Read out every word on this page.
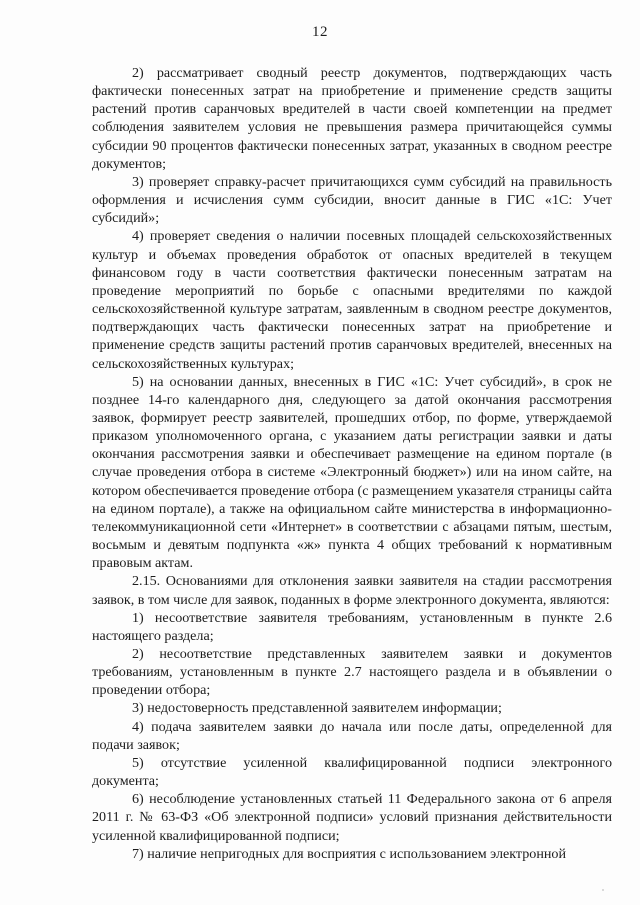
12

2) рассматривает сводный реестр документов, подтверждающих часть фактически понесенных затрат на приобретение и применение средств защиты растений против саранчовых вредителей в части своей компетенции на предмет соблюдения заявителем условия не превышения размера причитающейся суммы субсидии 90 процентов фактически понесенных затрат, указанных в сводном реестре документов;

3) проверяет справку-расчет причитающихся сумм субсидий на правильность оформления и исчисления сумм субсидии, вносит данные в ГИС «1С: Учет субсидий»;

4) проверяет сведения о наличии посевных площадей сельскохозяйственных культур и объемах проведения обработок от опасных вредителей в текущем финансовом году в части соответствия фактически понесенным затратам на проведение мероприятий по борьбе с опасными вредителями по каждой сельскохозяйственной культуре затратам, заявленным в сводном реестре документов, подтверждающих часть фактически понесенных затрат на приобретение и применение средств защиты растений против саранчовых вредителей, внесенных на сельскохозяйственных культурах;

5) на основании данных, внесенных в ГИС «1С: Учет субсидий», в срок не позднее 14-го календарного дня, следующего за датой окончания рассмотрения заявок, формирует реестр заявителей, прошедших отбор, по форме, утверждаемой приказом уполномоченного органа, с указанием даты регистрации заявки и даты окончания рассмотрения заявки и обеспечивает размещение на едином портале (в случае проведения отбора в системе «Электронный бюджет») или на ином сайте, на котором обеспечивается проведение отбора (с размещением указателя страницы сайта на едином портале), а также на официальном сайте министерства в информационно-телекоммуникационной сети «Интернет» в соответствии с абзацами пятым, шестым, восьмым и девятым подпункта «ж» пункта 4 общих требований к нормативным правовым актам.

2.15. Основаниями для отклонения заявки заявителя на стадии рассмотрения заявок, в том числе для заявок, поданных в форме электронного документа, являются:

1) несоответствие заявителя требованиям, установленным в пункте 2.6 настоящего раздела;

2) несоответствие представленных заявителем заявки и документов требованиям, установленным в пункте 2.7 настоящего раздела и в объявлении о проведении отбора;

3) недостоверность представленной заявителем информации;

4) подача заявителем заявки до начала или после даты, определенной для подачи заявок;

5) отсутствие усиленной квалифицированной подписи электронного документа;

6) несоблюдение установленных статьей 11 Федерального закона от 6 апреля 2011 г. № 63-ФЗ «Об электронной подписи» условий признания действительности усиленной квалифицированной подписи;

7) наличие непригодных для восприятия с использованием электронной
